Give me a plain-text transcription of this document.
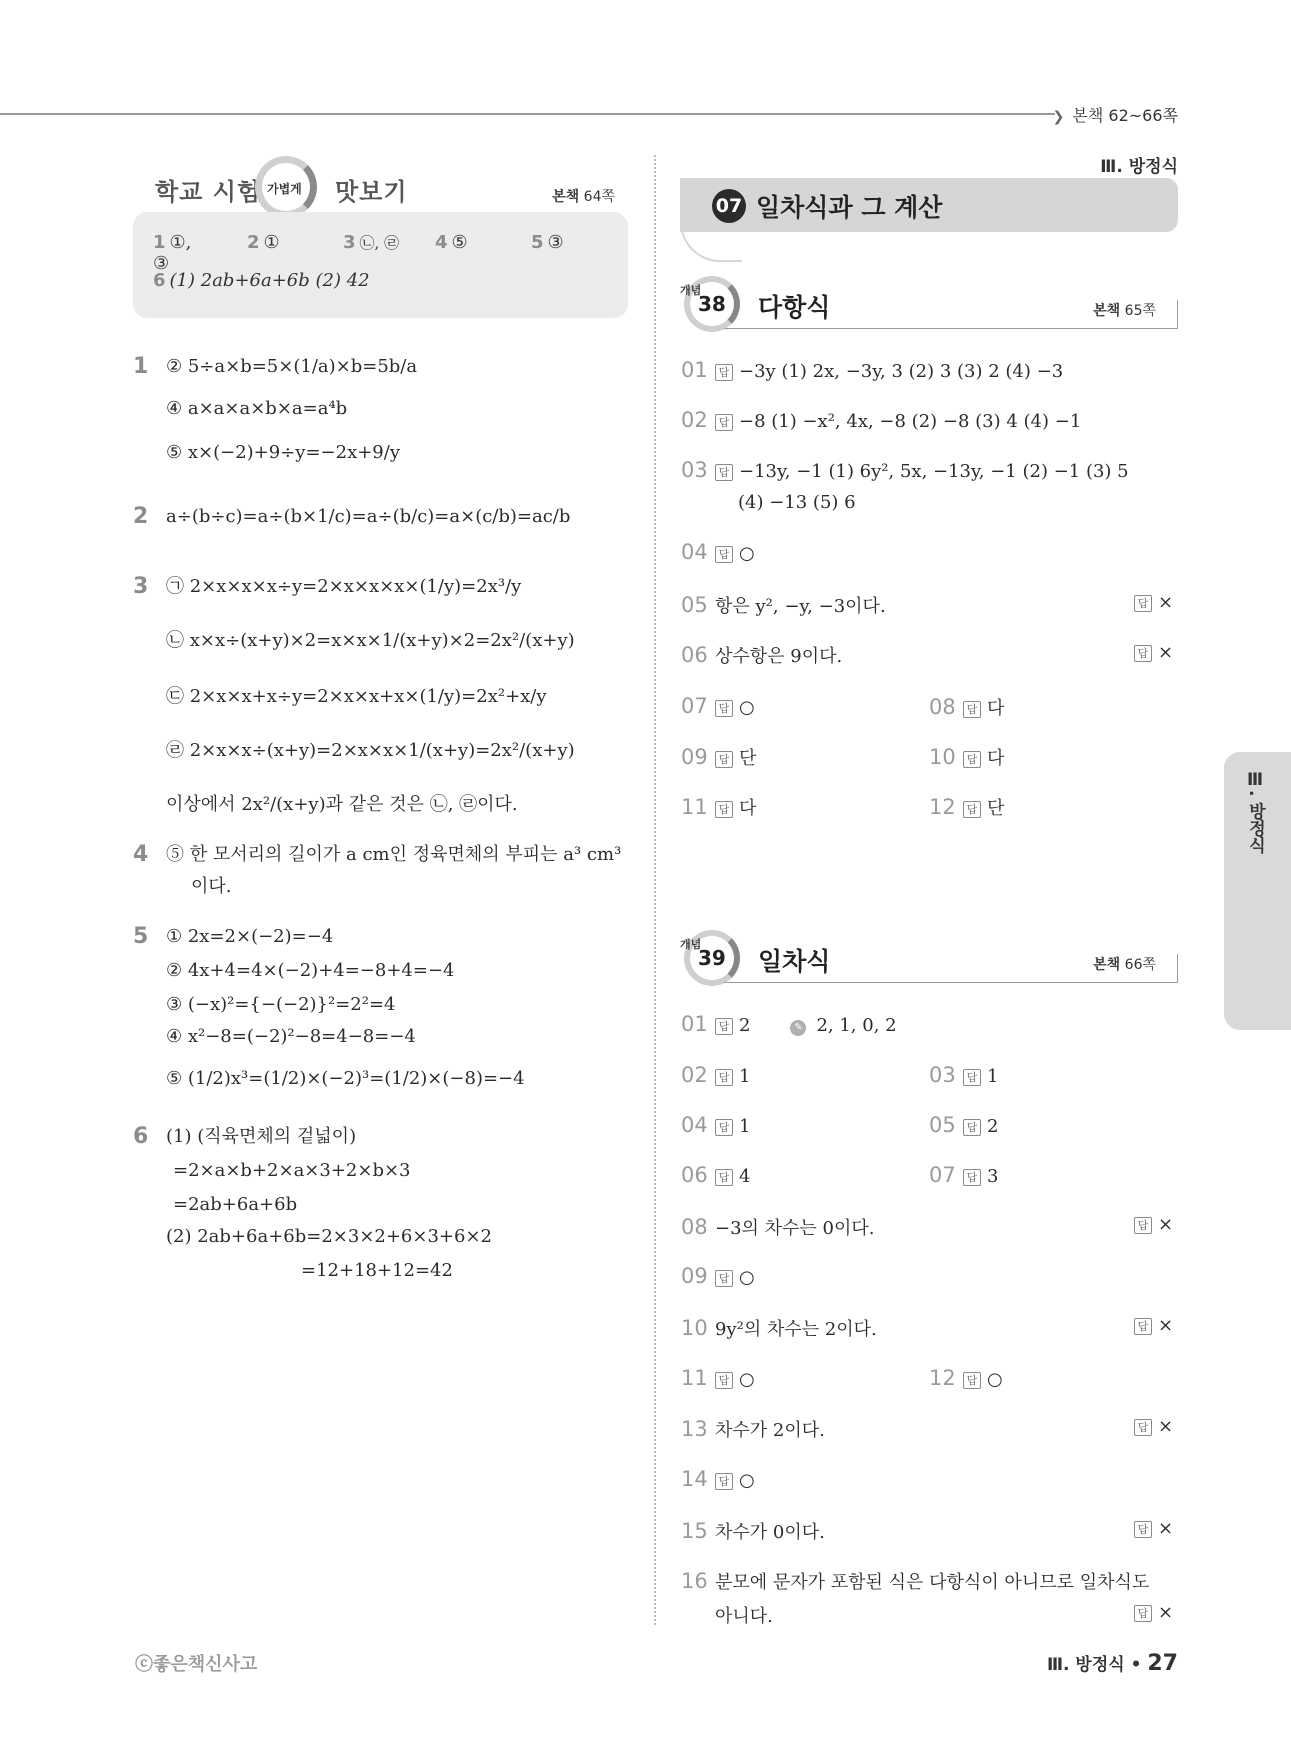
❯ 본책 62~66쪽
학교 시험 가볍게 맛보기	본책 64쪽
1 ①, ③
2 ①	3 ㉡, ㉣ 4 ⑤	5 ③
6 (1) 2ab+6a+6b (2) 42
1 ② 5÷a×b=5×(1/a)×b=5b/a
④ a×a×a×b×a=a⁴b
⑤ x×(−2)+9÷y=−2x+9/y
2 a÷(b÷c)=a÷(b×1/c)=a÷(b/c)=a×(c/b)=ac/b
3 ㉠ 2×x×x×x÷y=2×x×x×x×(1/y)=2x³/y
㉡ x×x÷(x+y)×2=x×x×1/(x+y)×2=2x²/(x+y)
㉢ 2×x×x+x÷y=2×x×x+x×(1/y)=2x²+x/y
㉣ 2×x×x÷(x+y)=2×x×x×1/(x+y)=2x²/(x+y)
이상에서 2x²/(x+y)과 같은 것은 ㉡, ㉣이다.
4 ⑤ 한 모서리의 길이가 a cm인 정육면체의 부피는 a³ cm³
이다.
5 ① 2x=2×(−2)=−4
② 4x+4=4×(−2)+4=−8+4=−4
③ (−x)²={−(−2)}²=2²=4
④ x²−8=(−2)²−8=4−8=−4
⑤ (1/2)x³=(1/2)×(−2)³=(1/2)×(−8)=−4
6 (1) (직육면체의 겉넓이)
=2×a×b+2×a×3+2×b×3
=2ab+6a+6b
(2) 2ab+6a+6b=2×3×2+6×3+6×2
=12+18+12=42
Ⅲ. 방정식
07 일차식과 그 계산
개념
38 다항식	본책 65쪽
01 답 −3y (1) 2x, −3y, 3 (2) 3 (3) 2 (4) −3
02 답 −8 (1) −x², 4x, −8 (2) −8 (3) 4 (4) −1
03 답 −13y, −1 (1) 6y², 5x, −13y, −1 (2) −1 (3) 5
(4) −13 (5) 6
04 답 ○
05 항은 y², −y, −3이다.	답 ×
06 상수항은 9이다.	답 ×
07 답 ○	08 답 다
09 답 단	10 답 다
11 답 다	12 답 단
개념
39 일차식	본책 66쪽
01 답 2	✎ 2, 1, 0, 2
02 답 1	03 답 1
04 답 1	05 답 2
06 답 4	07 답 3
08 −3의 차수는 0이다.	답 ×
09 답 ○
10 9y²의 차수는 2이다.	답 ×
11 답 ○	12 답 ○
13 차수가 2이다.	답 ×
14 답 ○
15 차수가 0이다.	답 ×
16 분모에 문자가 포함된 식은 다항식이 아니므로 일차식도
아니다.	답 ×
Ⅲ. 방정식
ⓒ좋은책신사고	Ⅲ. 방정식 • 27
